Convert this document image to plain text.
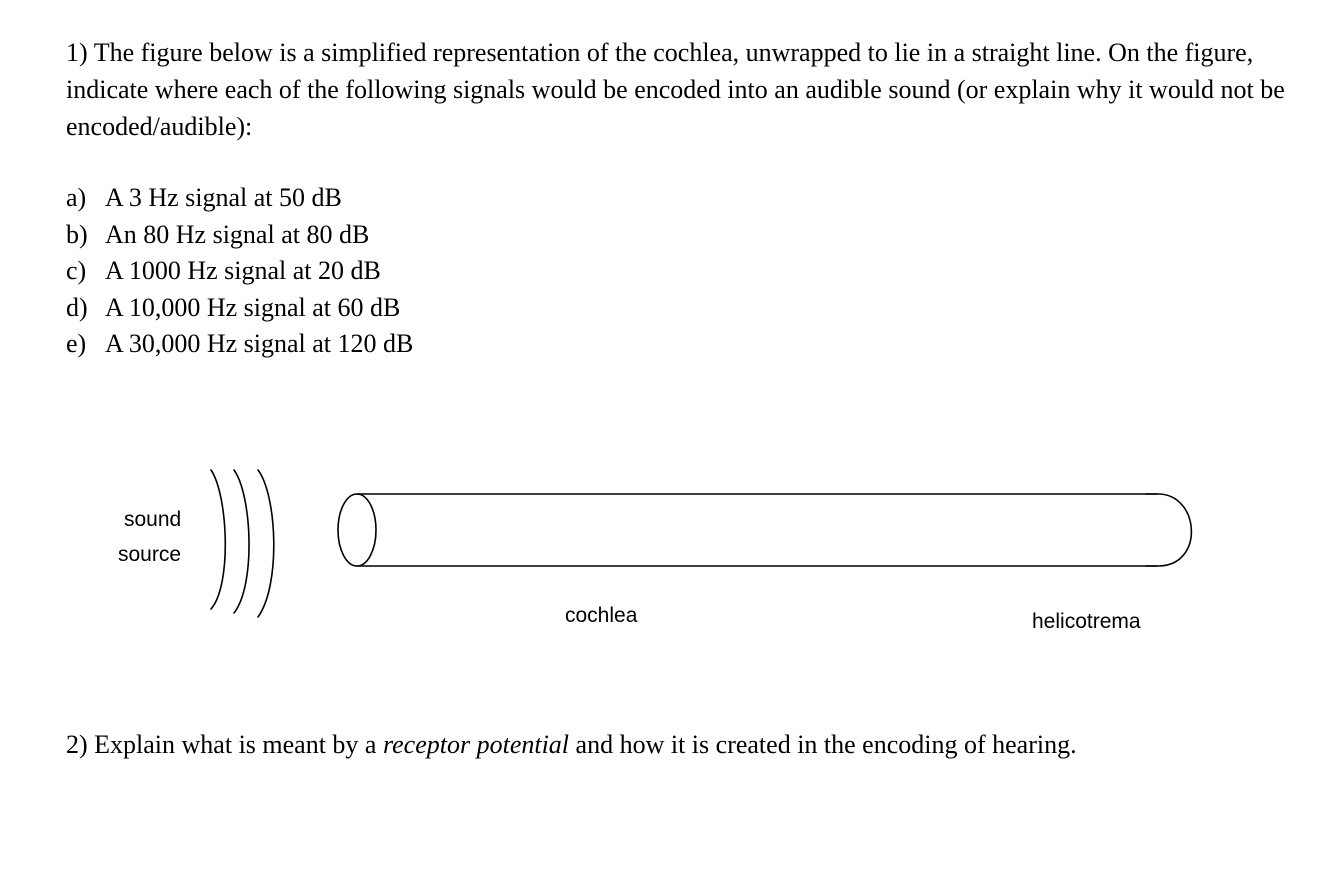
1) The figure below is a simplified representation of the cochlea, unwrapped to lie in a straight line. On the figure, indicate where each of the following signals would be encoded into an audible sound (or explain why it would not be encoded/audible):

a) A 3 Hz signal at 50 dB
b) An 80 Hz signal at 80 dB
c) A 1000 Hz signal at 20 dB
d) A 10,000 Hz signal at 60 dB
e) A 30,000 Hz signal at 120 dB
sound
source
cochlea	helicotrema

2) Explain what is meant by a receptor potential and how it is created in the encoding of hearing.
